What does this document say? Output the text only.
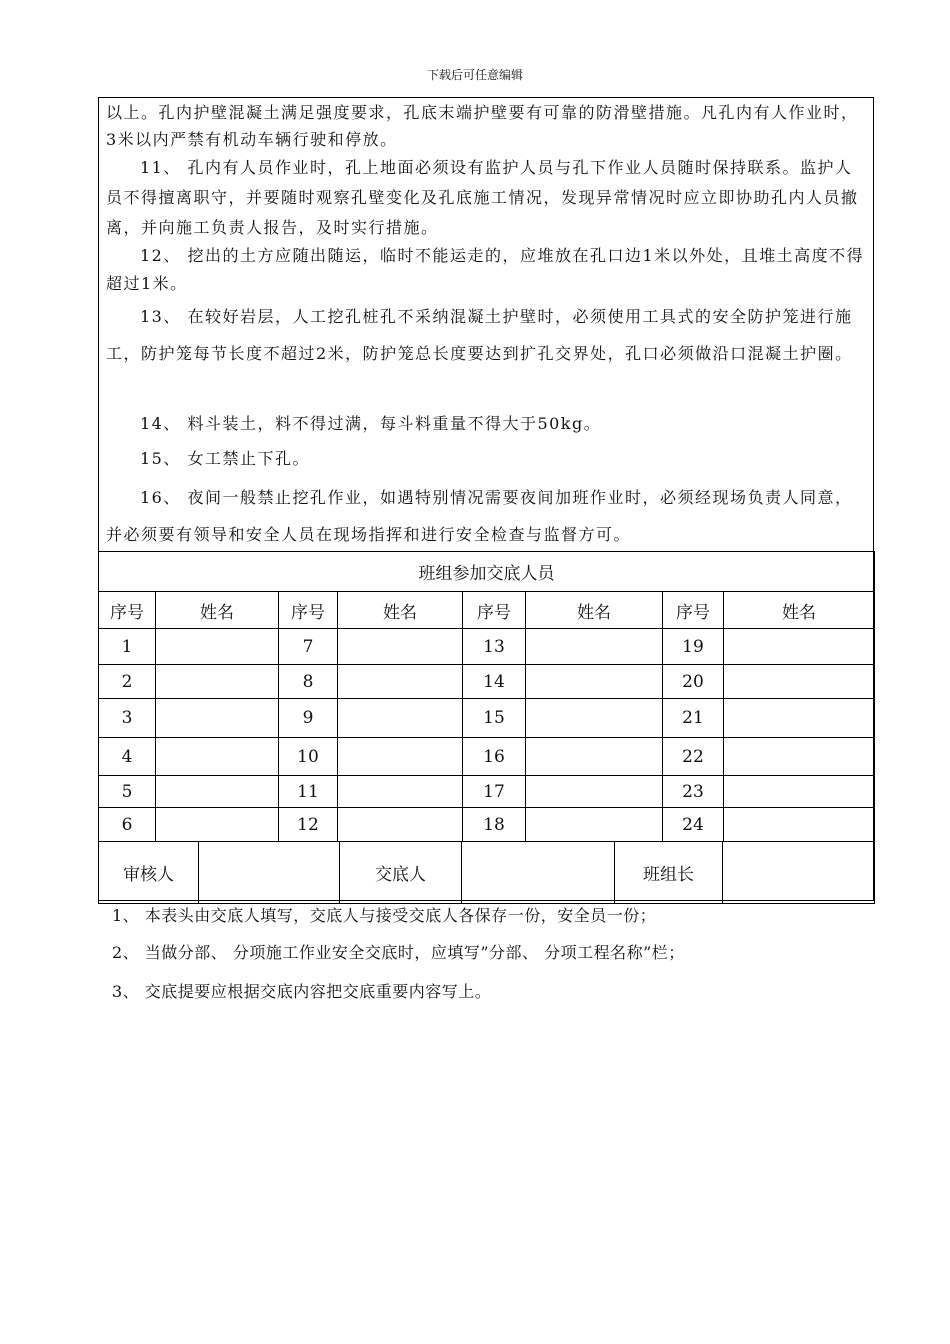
下载后可任意编辑

以上。孔内护壁混凝土满足强度要求，孔底末端护壁要有可靠的防滑壁措施。凡孔内有人作业时，3米以内严禁有机动车辆行驶和停放。

11、 孔内有人员作业时，孔上地面必须设有监护人员与孔下作业人员随时保持联系。监护人员不得擅离职守，并要随时观察孔壁变化及孔底施工情况，发现异常情况时应立即协助孔内人员撤离，并向施工负责人报告，及时实行措施。

12、 挖出的土方应随出随运，临时不能运走的，应堆放在孔口边1米以外处，且堆土高度不得超过1米。

13、 在较好岩层，人工挖孔桩孔不采纳混凝土护壁时，必须使用工具式的安全防护笼进行施工，防护笼每节长度不超过2米，防护笼总长度要达到扩孔交界处，孔口必须做沿口混凝土护圈。

14、 料斗装土，料不得过满，每斗料重量不得大于50kg。

15、 女工禁止下孔。

16、 夜间一般禁止挖孔作业，如遇特别情况需要夜间加班作业时，必须经现场负责人同意，并必须要有领导和安全人员在现场指挥和进行安全检查与监督方可。

班组参加交底人员							
序号	姓名	序号	姓名	序号	姓名	序号	姓名
1		7		13		19	
2		8		14		20	
3		9		15		21	
4		10		16		22	
5		11		17		23	
6		12		18		24	
审核人		交底人		班组长	

1、 本表头由交底人填写，交底人与接受交底人各保存一份，安全员一份；

2、 当做分部、 分项施工作业安全交底时，应填写”分部、 分项工程名称”栏；

3、 交底提要应根据交底内容把交底重要内容写上。
